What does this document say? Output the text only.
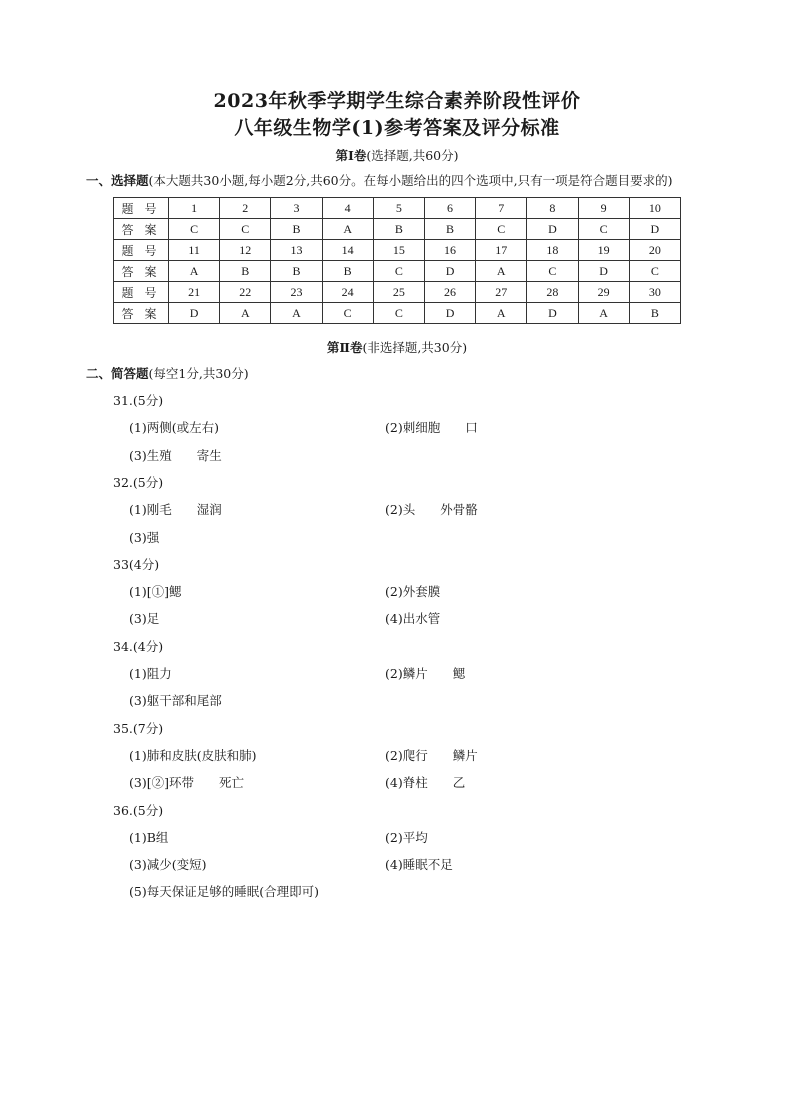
2023年秋季学期学生综合素养阶段性评价
八年级生物学(1)参考答案及评分标准
第Ⅰ卷(选择题,共60分)
一、选择题(本大题共30小题,每小题2分,共60分。在每小题给出的四个选项中,只有一项是符合题目要求的)
题 号	1	2	3	4	5	6	7	8	9	10
答 案	C	C	B	A	B	B	C	D	C	D
题 号	11	12	13	14	15	16	17	18	19	20
答 案	A	B	B	B	C	D	A	C	D	C
题 号	21	22	23	24	25	26	27	28	29	30
答 案	D	A	A	C	C	D	A	D	A	B
第Ⅱ卷(非选择题,共30分)
二、简答题(每空1分,共30分)
31.(5分)
(1)两侧(或左右)	(2)刺细胞　　口
(3)生殖　　寄生
32.(5分)
(1)刚毛　　湿润	(2)头　　外骨骼
(3)强
33(4分)
(1)[①]鳃	(2)外套膜
(3)足	(4)出水管
34.(4分)
(1)阻力	(2)鳞片　　鳃
(3)躯干部和尾部
35.(7分)
(1)肺和皮肤(皮肤和肺)	(2)爬行　　鳞片
(3)[②]环带　　死亡	(4)脊柱　　乙
36.(5分)
(1)B组	(2)平均
(3)减少(变短)	(4)睡眠不足
(5)每天保证足够的睡眠(合理即可)
